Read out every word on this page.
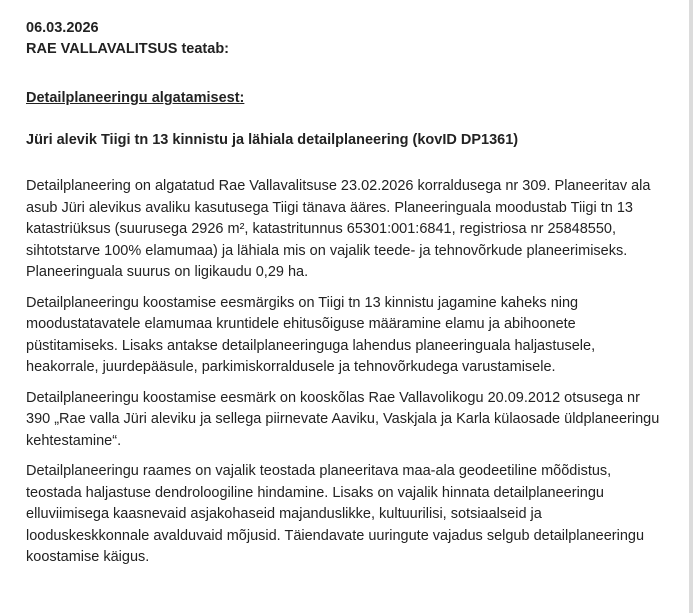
06.03.2026

RAE VALLAVALITSUS teatab:

Detailplaneeringu algatamisest:

Jüri alevik Tiigi tn 13 kinnistu ja lähiala detailplaneering (kovID DP1361)

Detailplaneering on algatatud Rae Vallavalitsuse 23.02.2026 korraldusega nr 309. Planeeritav ala asub Jüri alevikus avaliku kasutusega Tiigi tänava ääres. Planeeringuala moodustab Tiigi tn 13 katastriüksus (suurusega 2926 m², katastritunnus 65301:001:6841, registriosa nr 25848550, sihtotstarve 100% elamumaa) ja lähiala mis on vajalik teede- ja tehnovõrkude planeerimiseks. Planeeringuala suurus on ligikaudu 0,29 ha.

Detailplaneeringu koostamise eesmärgiks on Tiigi tn 13 kinnistu jagamine kaheks ning moodustatavatele elamumaa kruntidele ehitusõiguse määramine elamu ja abihoonete püstitamiseks. Lisaks antakse detailplaneeringuga lahendus planeeringuala haljastusele, heakorrale, juurdepääsule, parkimiskorraldusele ja tehnovõrkudega varustamisele.

Detailplaneeringu koostamise eesmärk on kooskõlas Rae Vallavolikogu 20.09.2012 otsusega nr 390 „Rae valla Jüri aleviku ja sellega piirnevate Aaviku, Vaskjala ja Karla külaosade üldplaneeringu kehtestamine“.

Detailplaneeringu raames on vajalik teostada planeeritava maa-ala geodeetiline mõõdistus, teostada haljastuse dendroloogiline hindamine. Lisaks on vajalik hinnata detailplaneeringu elluviimisega kaasnevaid asjakohaseid majanduslikke, kultuurilisi, sotsiaalseid ja looduskeskkonnale avalduvaid mõjusid. Täiendavate uuringute vajadus selgub detailplaneeringu koostamise käigus.
